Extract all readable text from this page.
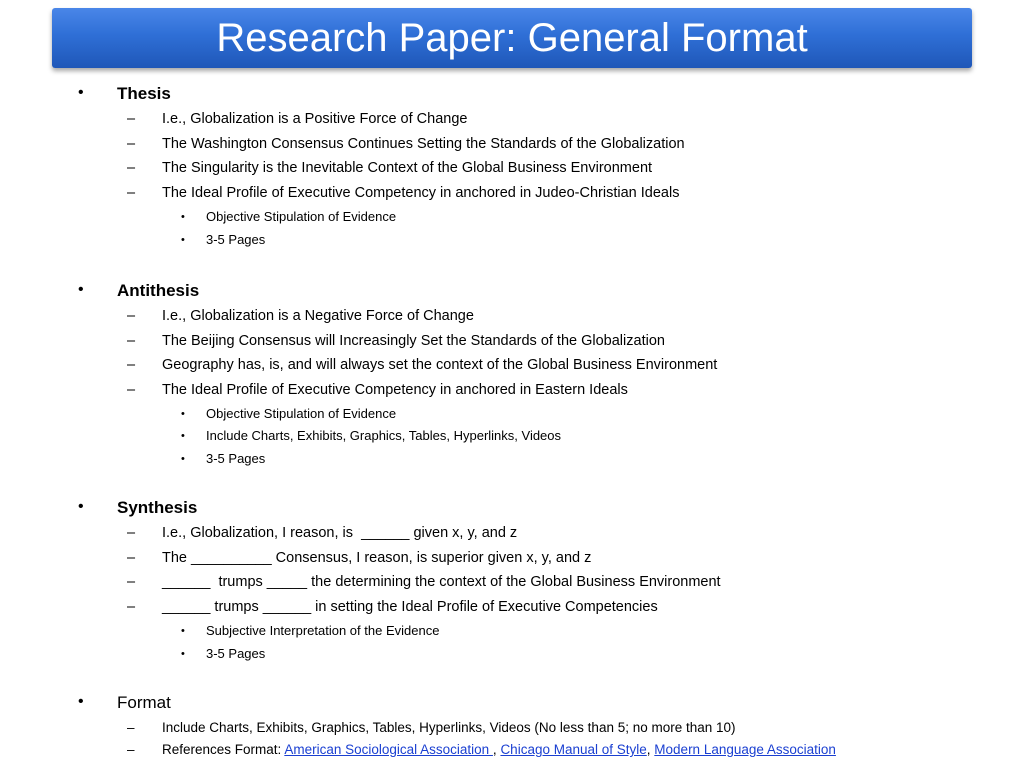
Research Paper: General Format
• Thesis
– I.e., Globalization is a Positive Force of Change
– The Washington Consensus Continues Setting the Standards of the Globalization
– The Singularity is the Inevitable Context of the Global Business Environment
– The Ideal Profile of Executive Competency in anchored in Judeo-Christian Ideals
• Objective Stipulation of Evidence
• 3-5 Pages
• Antithesis
– I.e., Globalization is a Negative Force of Change
– The Beijing Consensus will Increasingly Set the Standards of the Globalization
– Geography has, is, and will always set the context of the Global Business Environment
– The Ideal Profile of Executive Competency in anchored in Eastern Ideals
• Objective Stipulation of Evidence
• Include Charts, Exhibits, Graphics, Tables, Hyperlinks, Videos
• 3-5 Pages
• Synthesis
– I.e., Globalization, I reason, is  ______ given x, y, and z
– The __________ Consensus, I reason, is superior given x, y, and z
– ______  trumps _____ the determining the context of the Global Business Environment
– ______ trumps ______ in setting the Ideal Profile of Executive Competencies
• Subjective Interpretation of the Evidence
• 3-5 Pages
• Format
– Include Charts, Exhibits, Graphics, Tables, Hyperlinks, Videos (No less than 5; no more than 10)
– References Format: American Sociological Association , Chicago Manual of Style, Modern Language Association
